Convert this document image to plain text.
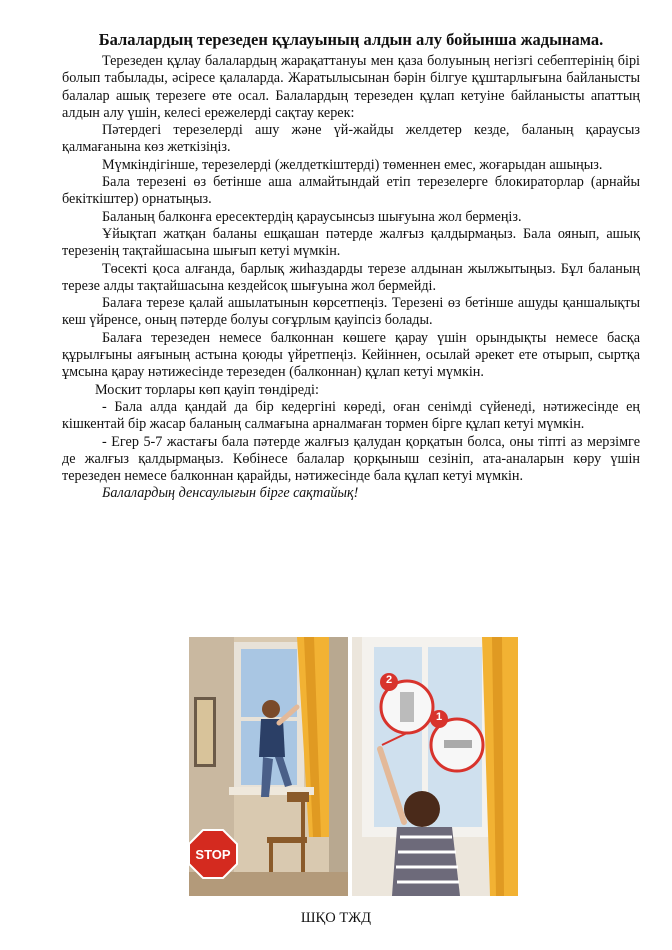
Балалардың терезеден құлауының алдын алу бойынша жадынама.

Терезеден құлау балалардың жарақаттануы мен қаза болуының негізгі себептерінің бірі болып табылады, әсіресе қалаларда. Жаратылысынан бәрін білгуе құштарлығына байланысты балалар ашық терезеге өте осал. Балалардың терезеден құлап кетуіне байланысты апаттың алдын алу үшін, келесі ережелерді сақтау керек:

Пәтердегі терезелерді ашу және үй-жайды желдетер кезде, баланың қараусыз қалмағанына көз жеткізіңіз.

Мүмкіндігінше, терезелерді (желдеткіштерді) төменнен емес, жоғарыдан ашыңыз.

Бала терезені өз бетінше аша алмайтындай етіп терезелерге блокираторлар (арнайы бекіткіштер) орнатыңыз.

Баланың балконға ересектердің қараусынсыз шығуына жол бермеңіз.

Ұйықтап жатқан баланы ешқашан пәтерде жалғыз қалдырмаңыз. Бала оянып, ашық терезенің тақтайшасына шығып кетуі мүмкін.

Төсекті қоса алғанда, барлық жиһаздарды терезе алдынан жылжытыңыз. Бұл баланың терезе алды тақтайшасына кездейсоқ шығуына жол бермейді.

Балаға терезе қалай ашылатынын көрсетпеңіз. Терезені өз бетінше ашуды қаншалықты кеш үйренсе, оның пәтерде болуы соғұрлым қауіпсіз болады.

Балаға терезеден немесе балконнан көшеге қарау үшін орындықты немесе басқа құрылғыны аяғының астына қоюды үйретпеңіз. Кейіннен, осылай әрекет ете отырып, сыртқа ұмсына қарау нәтижесінде терезеден (балконнан) құлап кетуі мүмкін.

Москит торлары көп қауіп төндіреді:

- Бала алда қандай да бір кедергіні көреді, оған сенімді сүйенеді, нәтижесінде ең кішкентай бір жасар баланың салмағына арналмаған тормен бірге құлап кетуі мүмкін.

- Егер 5-7 жастағы бала пәтерде жалғыз қалудан қорқатын болса, оны тіпті аз мерзімге де жалғыз қалдырмаңыз. Көбінесе балалар қорқыныш сезініп, ата-аналарын көру үшін терезеден немесе балконнан қарайды, нәтижесінде бала құлап кетуі мүмкін.

Балалардың денсаулығын бірге сақтайық!

STOP
2
1
ШҚО ТЖД
